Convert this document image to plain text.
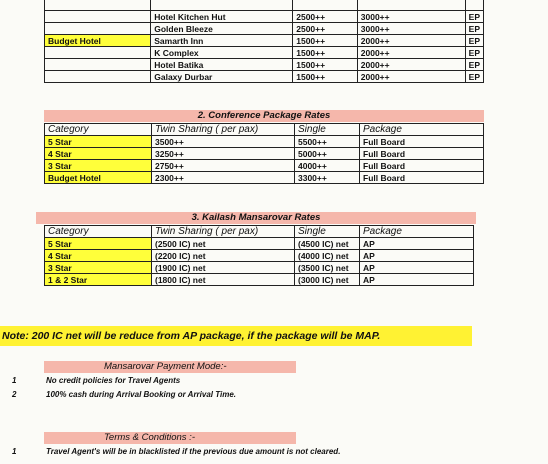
	Hotel Kitchen Hut	2500++	3000++	EP
	Golden Bleeze	2500++	3000++	EP
Budget Hotel	Samarth Inn	1500++	2000++	EP
	K Complex	1500++	2000++	EP
	Hotel Batika	1500++	2000++	EP
	Galaxy Durbar	1500++	2000++	EP
2. Conference Package Rates
Category	Twin Sharing ( per pax)	Single	Package
5 Star	3500++	5500++	Full Board
4 Star	3250++	5000++	Full Board
3 Star	2750++	4000++	Full Board
Budget Hotel	2300++	3300++	Full Board
3. Kailash Mansarovar Rates
Category	Twin Sharing ( per pax)	Single	Package
5 Star	(2500 IC) net	(4500 IC) net	AP
4 Star	(2200 IC) net	(4000 IC) net	AP
3 Star	(1900 IC) net	(3500 IC) net	AP
1 & 2 Star	(1800 IC) net	(3000 IC) net	AP
Note: 200 IC net will be reduce from AP package, if the package will be MAP.
Mansarovar Payment Mode:-
1	No credit policies for Travel Agents
2	100% cash during Arrival Booking or Arrival Time.
Terms & Conditions :-
1	Travel Agent's will be in blacklisted if the previous due amount is not cleared.
